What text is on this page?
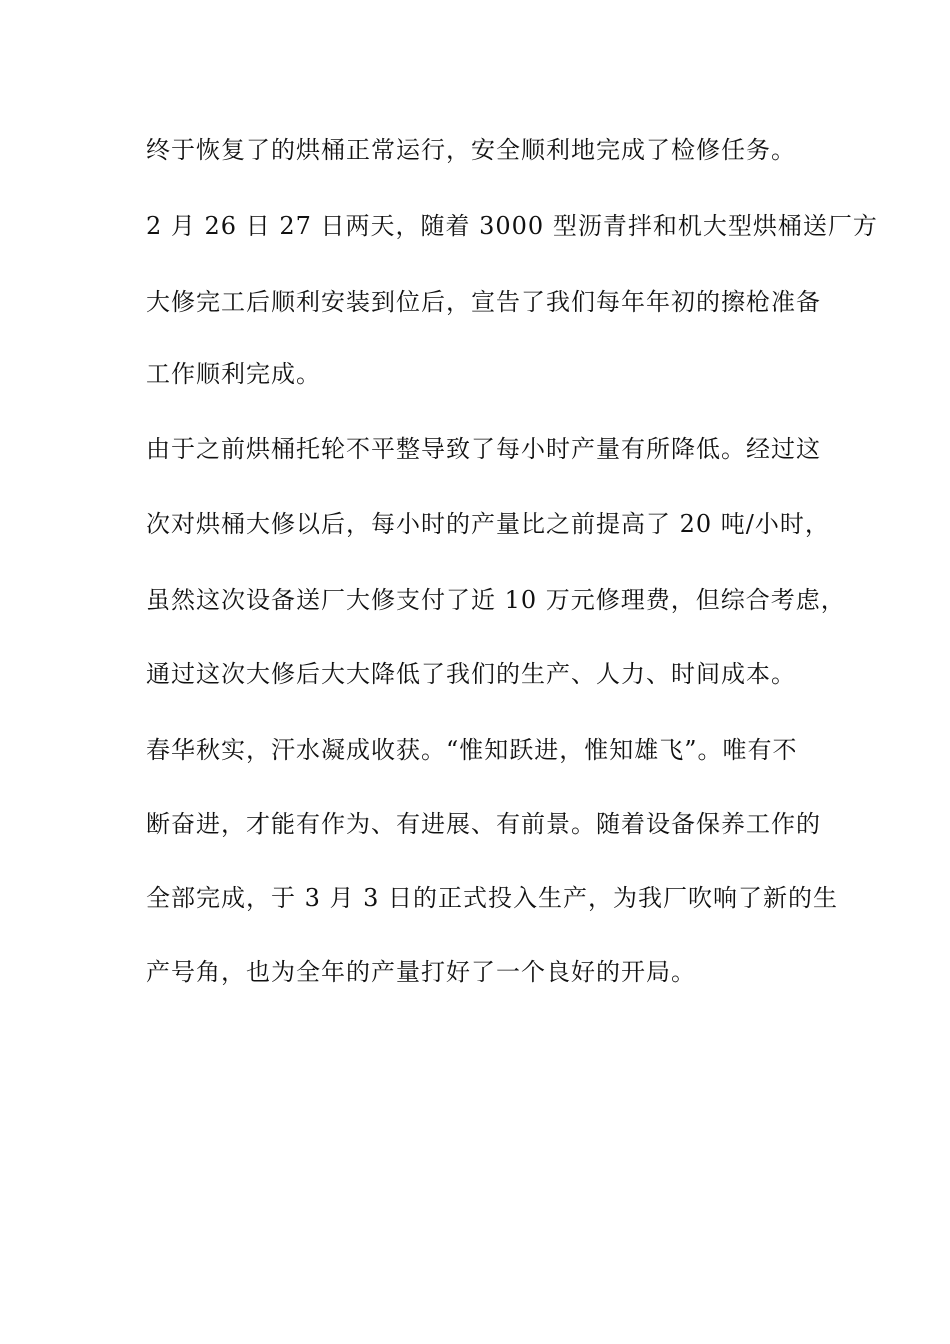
终于恢复了的烘桶正常运行，安全顺利地完成了检修任务。
2 月 26 日 27 日两天，随着 3000 型沥青拌和机大型烘桶送厂方
大修完工后顺利安装到位后，宣告了我们每年年初的擦枪准备
工作顺利完成。
由于之前烘桶托轮不平整导致了每小时产量有所降低。经过这
次对烘桶大修以后，每小时的产量比之前提高了 20 吨/小时，
虽然这次设备送厂大修支付了近 10 万元修理费，但综合考虑，
通过这次大修后大大降低了我们的生产、人力、时间成本。
春华秋实，汗水凝成收获。“惟知跃进，惟知雄飞”。唯有不
断奋进，才能有作为、有进展、有前景。随着设备保养工作的
全部完成，于 3 月 3 日的正式投入生产，为我厂吹响了新的生
产号角，也为全年的产量打好了一个良好的开局。
